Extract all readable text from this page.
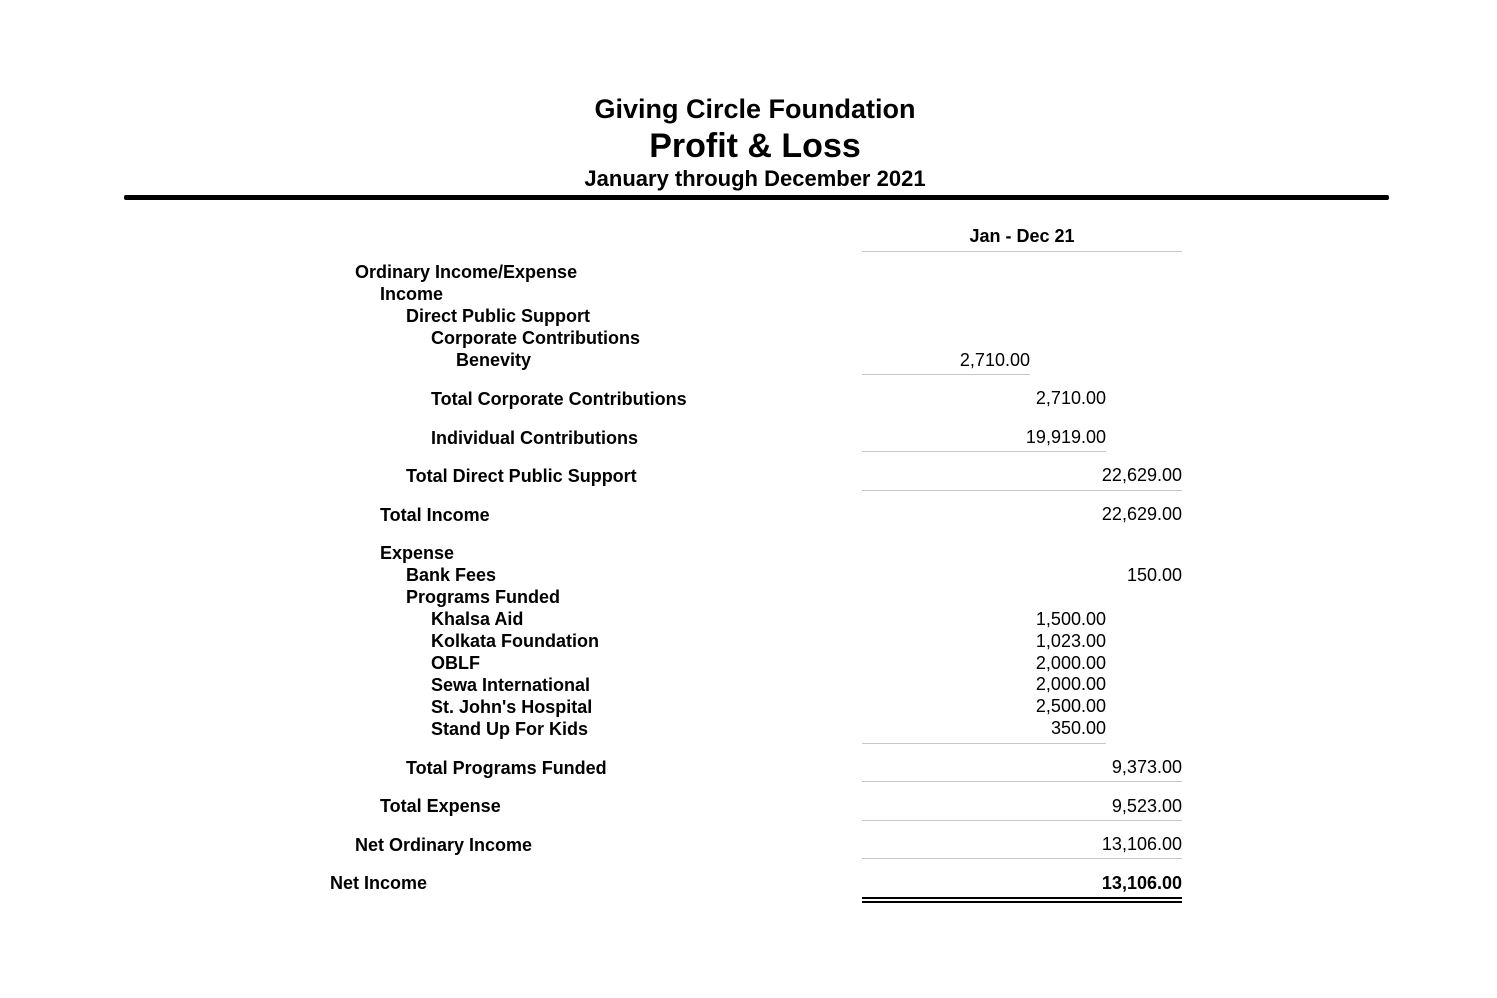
Giving Circle Foundation
Profit & Loss
January through December 2021
Jan - Dec 21
Ordinary Income/Expense
Income
Direct Public Support
Corporate Contributions
Benevity	2,710.00
Total Corporate Contributions	2,710.00
Individual Contributions	19,919.00
Total Direct Public Support	22,629.00
Total Income	22,629.00
Expense
Bank Fees	150.00
Programs Funded
Khalsa Aid	1,500.00
Kolkata Foundation	1,023.00
OBLF	2,000.00
Sewa International	2,000.00
St. John's Hospital	2,500.00
Stand Up For Kids	350.00
Total Programs Funded	9,373.00
Total Expense	9,523.00
Net Ordinary Income	13,106.00
Net Income	13,106.00
